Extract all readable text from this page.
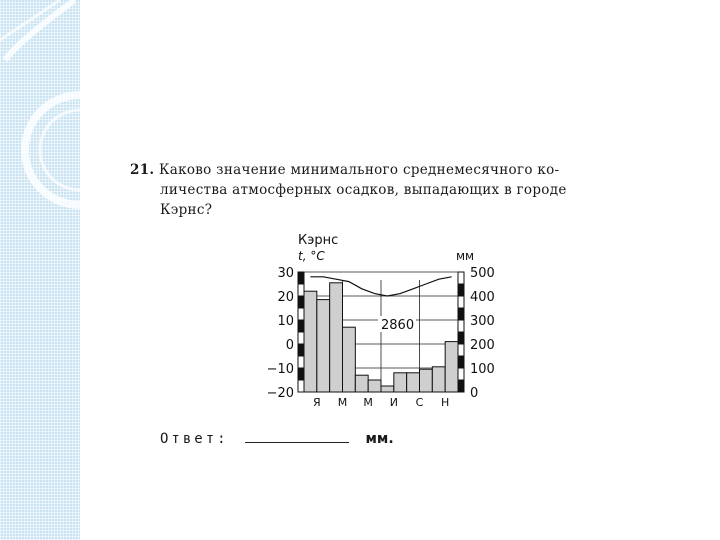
21. Каково значение минимального среднемесячного ко-
личества атмосферных осадков, выпадающих в городе
Кэрнс?
Кэрнс
t, °C	мм
2860
30
20
10
0
−10
−20
500
400
300
200
100
0
Я М М И С Н
Ответ:	мм.
